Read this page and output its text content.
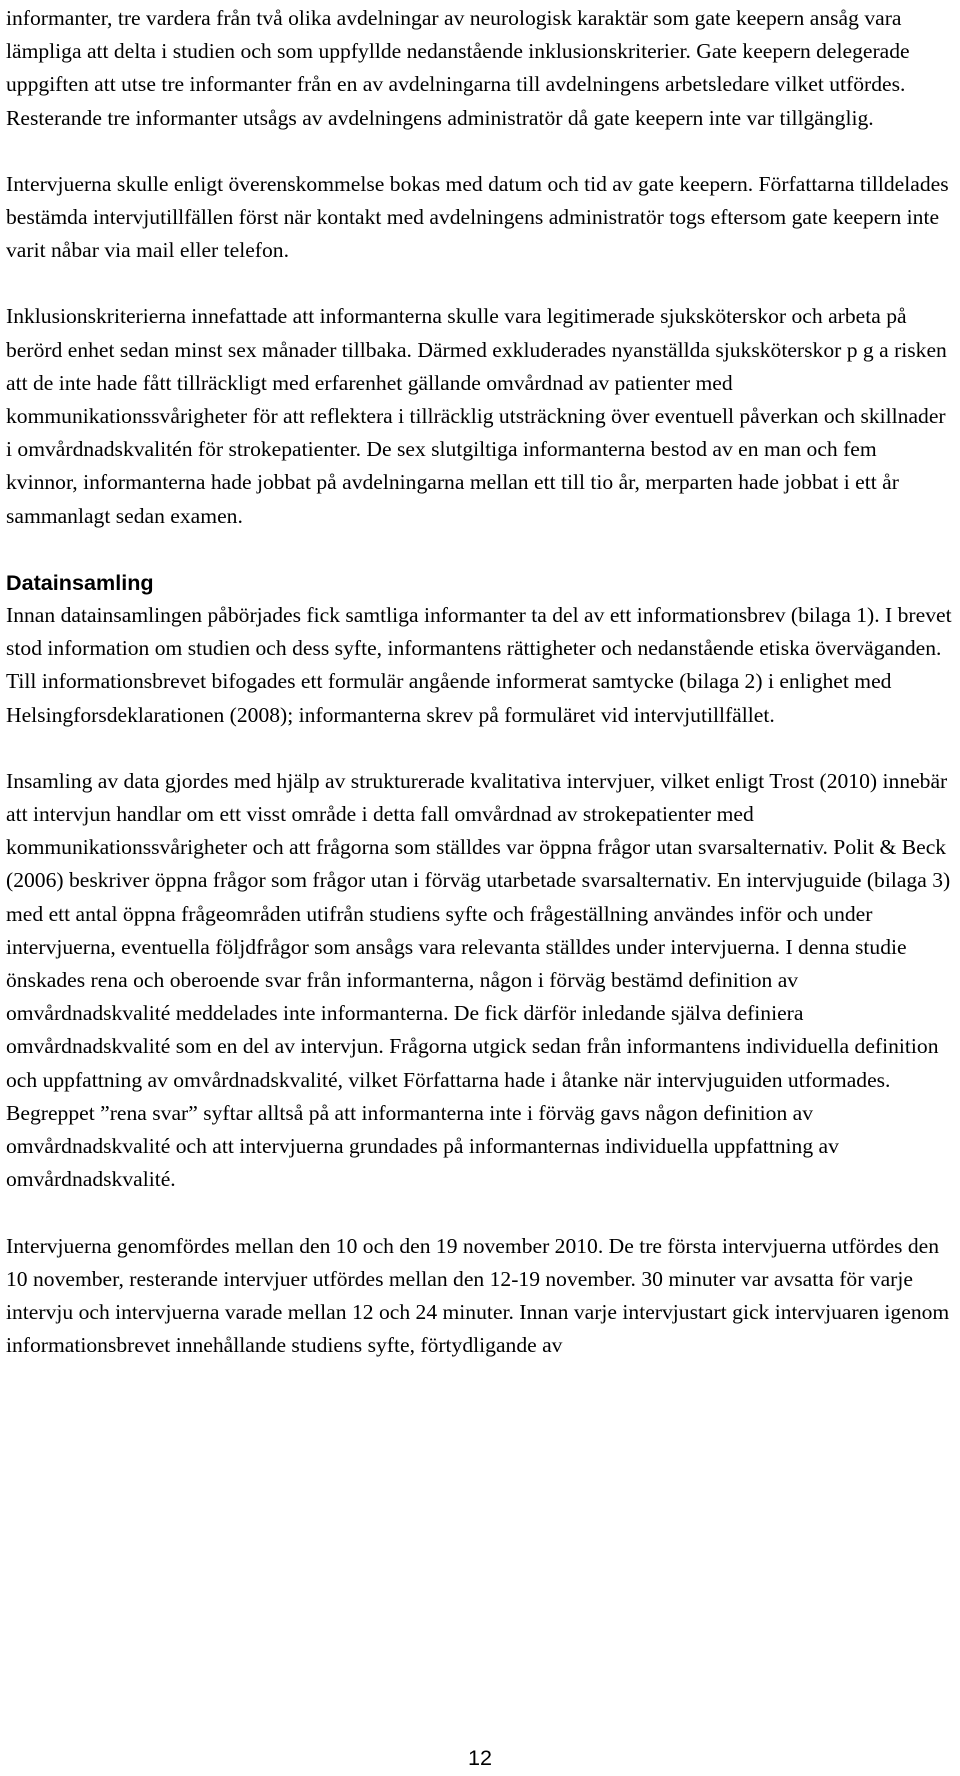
informanter, tre vardera från två olika avdelningar av neurologisk karaktär som gate keepern ansåg vara lämpliga att delta i studien och som uppfyllde nedanstående inklusionskriterier. Gate keepern delegerade uppgiften att utse tre informanter från en av avdelningarna till avdelningens arbetsledare vilket utfördes. Resterande tre informanter utsågs av avdelningens administratör då gate keepern inte var tillgänglig.

Intervjuerna skulle enligt överenskommelse bokas med datum och tid av gate keepern. Författarna tilldelades bestämda intervjutillfällen först när kontakt med avdelningens administratör togs eftersom gate keepern inte varit nåbar via mail eller telefon.

Inklusionskriterierna innefattade att informanterna skulle vara legitimerade sjuksköterskor och arbeta på berörd enhet sedan minst sex månader tillbaka. Därmed exkluderades nyanställda sjuksköterskor p g a risken att de inte hade fått tillräckligt med erfarenhet gällande omvårdnad av patienter med kommunikationssvårigheter för att reflektera i tillräcklig utsträckning över eventuell påverkan och skillnader i omvårdnadskvalitén för strokepatienter. De sex slutgiltiga informanterna bestod av en man och fem kvinnor, informanterna hade jobbat på avdelningarna mellan ett till tio år, merparten hade jobbat i ett år sammanlagt sedan examen.

Datainsamling

Innan datainsamlingen påbörjades fick samtliga informanter ta del av ett informationsbrev (bilaga 1). I brevet stod information om studien och dess syfte, informantens rättigheter och nedanstående etiska överväganden. Till informationsbrevet bifogades ett formulär angående informerat samtycke (bilaga 2) i enlighet med Helsingforsdeklarationen (2008); informanterna skrev på formuläret vid intervjutillfället.

Insamling av data gjordes med hjälp av strukturerade kvalitativa intervjuer, vilket enligt Trost (2010) innebär att intervjun handlar om ett visst område i detta fall omvårdnad av strokepatienter med kommunikationssvårigheter och att frågorna som ställdes var öppna frågor utan svarsalternativ. Polit & Beck (2006) beskriver öppna frågor som frågor utan i förväg utarbetade svarsalternativ. En intervjuguide (bilaga 3) med ett antal öppna frågeområden utifrån studiens syfte och frågeställning användes inför och under intervjuerna, eventuella följdfrågor som ansågs vara relevanta ställdes under intervjuerna. I denna studie önskades rena och oberoende svar från informanterna, någon i förväg bestämd definition av omvårdnadskvalité meddelades inte informanterna. De fick därför inledande själva definiera omvårdnadskvalité som en del av intervjun. Frågorna utgick sedan från informantens individuella definition och uppfattning av omvårdnadskvalité, vilket Författarna hade i åtanke när intervjuguiden utformades. Begreppet ”rena svar” syftar alltså på att informanterna inte i förväg gavs någon definition av omvårdnadskvalité och att intervjuerna grundades på informanternas individuella uppfattning av omvårdnadskvalité.

Intervjuerna genomfördes mellan den 10 och den 19 november 2010. De tre första intervjuerna utfördes den 10 november, resterande intervjuer utfördes mellan den 12-19 november. 30 minuter var avsatta för varje intervju och intervjuerna varade mellan 12 och 24 minuter. Innan varje intervjustart gick intervjuaren igenom informationsbrevet innehållande studiens syfte, förtydligande av

12
